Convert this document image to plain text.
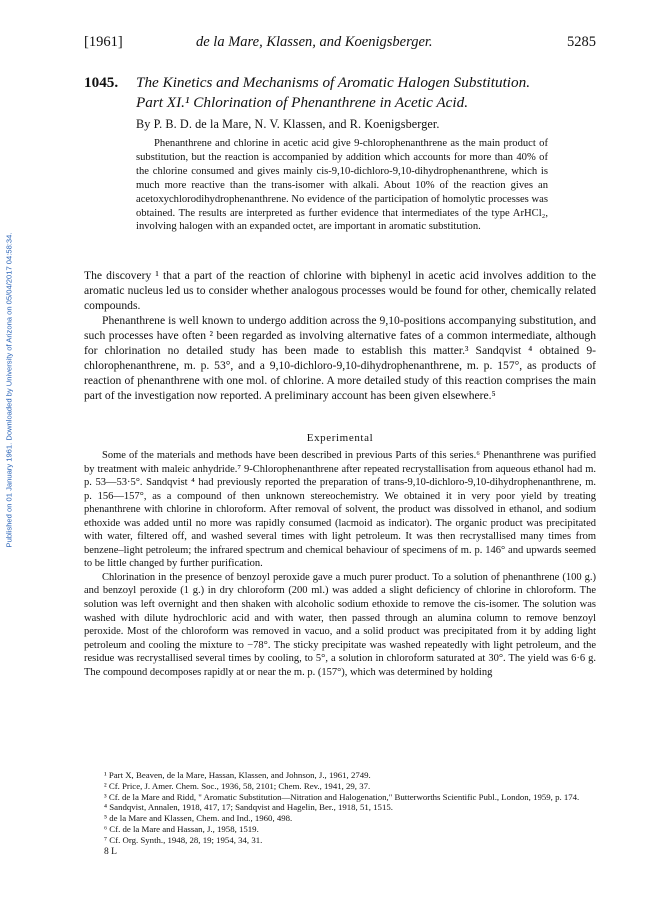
Published on 01 January 1961. Downloaded by University of Arizona on 05/04/2017 04:58:34.
[1961]	de la Mare, Klassen, and Koenigsberger.	5285
1045. The Kinetics and Mechanisms of Aromatic Halogen Substitution.
Part XI.¹ Chlorination of Phenanthrene in Acetic Acid.
By P. B. D. de la Mare, N. V. Klassen, and R. Koenigsberger.

Phenanthrene and chlorine in acetic acid give 9-chlorophenanthrene as the main product of substitution, but the reaction is accompanied by addition which accounts for more than 40% of the chlorine consumed and gives mainly cis-9,10-dichloro-9,10-dihydrophenanthrene, which is much more reactive than the trans-isomer with alkali. About 10% of the reaction gives an acetoxychlorodihydrophenanthrene. No evidence of the participation of homolytic processes was obtained. The results are interpreted as further evidence that intermediates of the type ArHCl₂, involving halogen with an expanded octet, are important in aromatic substitution.

The discovery ¹ that a part of the reaction of chlorine with biphenyl in acetic acid involves addition to the aromatic nucleus led us to consider whether analogous processes would be found for other, chemically related compounds.

Phenanthrene is well known to undergo addition across the 9,10-positions accompanying substitution, and such processes have often ² been regarded as involving alternative fates of a common intermediate, although for chlorination no detailed study has been made to establish this matter.³ Sandqvist ⁴ obtained 9-chlorophenanthrene, m. p. 53°, and a 9,10-dichloro-9,10-dihydrophenanthrene, m. p. 157°, as products of reaction of phenanthrene with one mol. of chlorine. A more detailed study of this reaction comprises the main part of the investigation now reported. A preliminary account has been given elsewhere.⁵

Experimental

Some of the materials and methods have been described in previous Parts of this series.⁶ Phenanthrene was purified by treatment with maleic anhydride.⁷ 9-Chlorophenanthrene after repeated recrystallisation from aqueous ethanol had m. p. 53—53·5°. Sandqvist ⁴ had previously reported the preparation of trans-9,10-dichloro-9,10-dihydrophenanthrene, m. p. 156—157°, as a compound of then unknown stereochemistry. We obtained it in very poor yield by treating phenanthrene with chlorine in chloroform. After removal of solvent, the product was dissolved in ethanol, and sodium ethoxide was added until no more was rapidly consumed (lacmoid as indicator). The organic product was precipitated with water, filtered off, and washed several times with light petroleum. It was then recrystallised many times from benzene–light petroleum; the infrared spectrum and chemical behaviour of specimens of m. p. 146° and upwards seemed to be little changed by further purification.

Chlorination in the presence of benzoyl peroxide gave a much purer product. To a solution of phenanthrene (100 g.) and benzoyl peroxide (1 g.) in dry chloroform (200 ml.) was added a slight deficiency of chlorine in chloroform. The solution was left overnight and then shaken with alcoholic sodium ethoxide to remove the cis-isomer. The solution was washed with dilute hydrochloric acid and with water, then passed through an alumina column to remove benzoyl peroxide. Most of the chloroform was removed in vacuo, and a solid product was precipitated from it by adding light petroleum and cooling the mixture to −78°. The sticky precipitate was washed repeatedly with light petroleum, and the residue was recrystallised several times by cooling, to 5°, a solution in chloroform saturated at 30°. The yield was 6·6 g. The compound decomposes rapidly at or near the m. p. (157°), which was determined by holding

¹ Part X, Beaven, de la Mare, Hassan, Klassen, and Johnson, J., 1961, 2749.
² Cf. Price, J. Amer. Chem. Soc., 1936, 58, 2101; Chem. Rev., 1941, 29, 37.
³ Cf. de la Mare and Ridd, " Aromatic Substitution—Nitration and Halogenation," Butterworths Scientific Publ., London, 1959, p. 174.
⁴ Sandqvist, Annalen, 1918, 417, 17; Sandqvist and Hagelin, Ber., 1918, 51, 1515.
⁵ de la Mare and Klassen, Chem. and Ind., 1960, 498.
⁶ Cf. de la Mare and Hassan, J., 1958, 1519.
⁷ Cf. Org. Synth., 1948, 28, 19; 1954, 34, 31.
8 L
